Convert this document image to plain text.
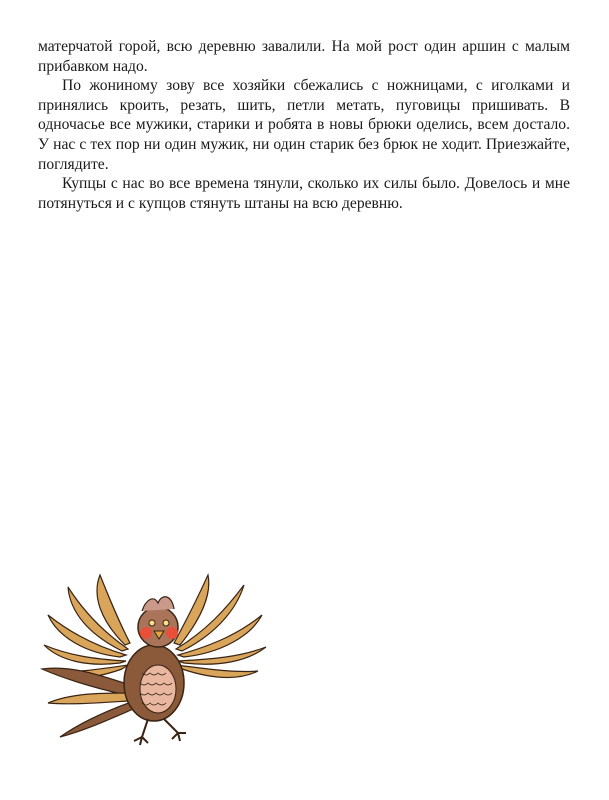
матерчатой горой, всю деревню завалили. На мой рост один аршин с малым прибавком надо.

По жониному зову все хозяйки сбежались с ножницами, с иголками и принялись кроить, резать, шить, петли метать, пуговицы пришивать. В одночасье все мужики, старики и робята в новы брюки оделись, всем достало. У нас с тех пор ни один мужик, ни один старик без брюк не ходит. Приезжайте, поглядите.

Купцы с нас во все времена тянули, сколько их силы было. Довелось и мне потянуться и с купцов стянуть штаны на всю деревню.
